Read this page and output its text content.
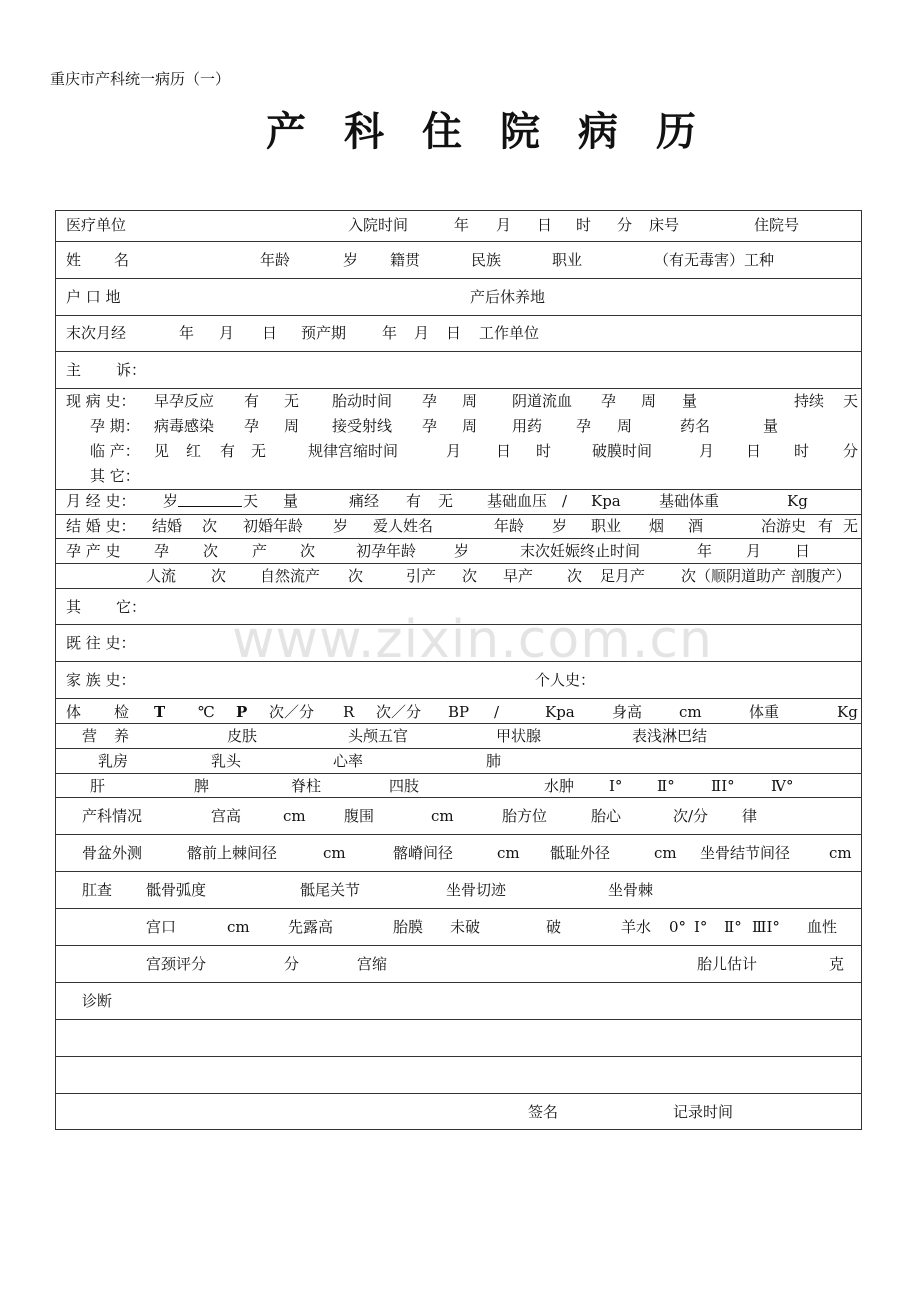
重庆市产科统一病历（一）
产科住院病历
医疗单位	入院时间	年 月 日 时 分 床号	住院号
姓 名	年龄	岁 籍贯	民族	职业	（有无毒害）工种
户 口 地	产后休养地
末次月经	年 月 日 预产期 年 月 日 工作单位
主 诉：
现 病 史： 早孕反应 有 无 胎动时间 孕 周 阴道流血 孕 周 量	持续 天
孕 期： 病毒感染 孕 周 接受射线 孕 周 用药 孕 周	药名	量
临 产： 见 红 有 无	规律宫缩时间	月 日 时	破膜时间	月 日 时 分
其 它：
月 经 史： 岁	天 量	痛经 有 无 基础血压 / Kpa	基础体重	Kg
结 婚 史： 结婚 次 初婚年龄 岁 爱人姓名	年龄 岁 职业 烟 酒	冶游史 有 无
孕 产 史 孕 次 产 次	初孕年龄	岁	末次妊娠终止时间	年 月 日
人流 次 自然流产 次	引产 次 早产 次 足月产 次（顺阴道助产 剖腹产）
其 它：
既 往 史：
家 族 史：	个人史：
体 检 T ℃ P 次／分 R 次／分 BP /	Kpa 身高 cm	体重	Kg
营 养	皮肤	头颅五官	甲状腺	表浅淋巴结
乳房	乳头	心率	肺
肝	脾	脊柱	四肢	水肿 Ⅰ° Ⅱ° ⅡI° Ⅳ°
产科情况	宫高	cm	腹围	cm	胎方位	胎心	次/分 律
骨盆外测	髂前上棘间径	cm	髂嵴间径	cm 骶耻外径	cm 坐骨结节间径	cm
肛查 骶骨弧度	骶尾关节	坐骨切迹	坐骨棘
宫口	cm	先露高	胎膜 未破	破	羊水 0° Ⅰ° Ⅱ° ⅢI° 血性
宫颈评分	分	宫缩	胎儿估计	克
诊断
签名	记录时间
www.zixin.com.cn
